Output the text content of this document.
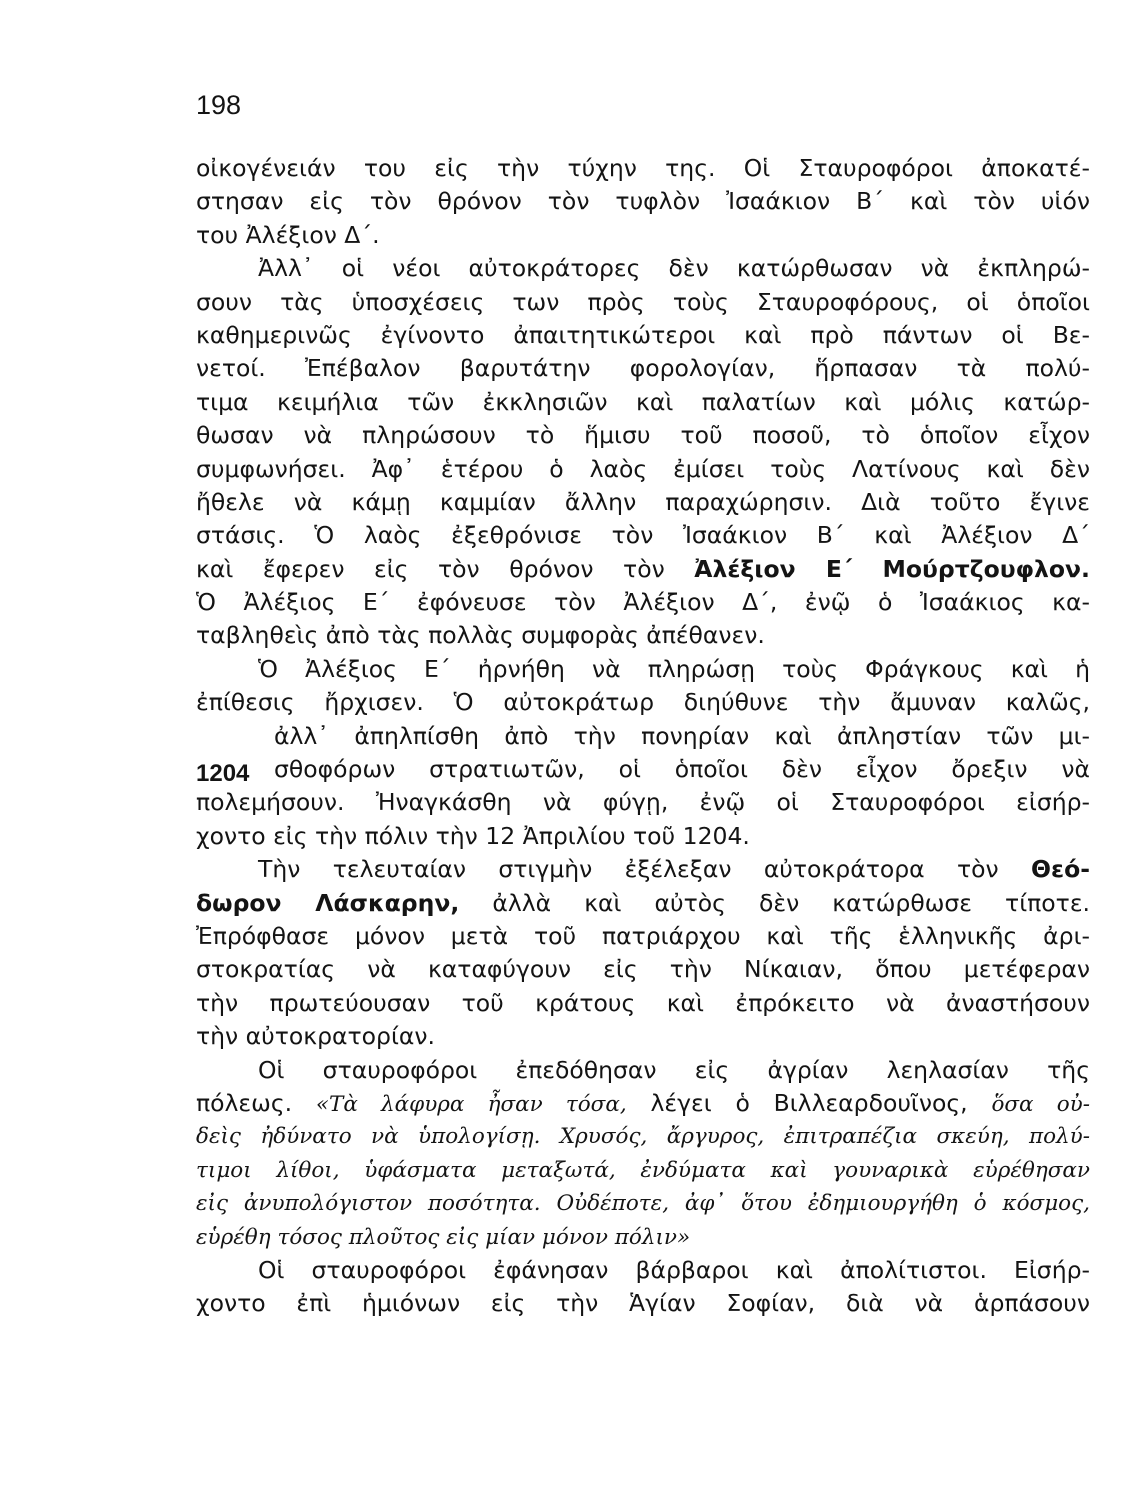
198
1204
οἰκογένειάν του εἰς τὴν τύχην της. Οἱ Σταυροφόροι ἀποκατέ-
στησαν εἰς τὸν θρόνον τὸν τυφλὸν Ἰσαάκιον Β΄ καὶ τὸν υἱόν
του Ἀλέξιον Δ΄.
Ἀλλ᾽ οἱ νέοι αὐτοκράτορες δὲν κατώρθωσαν νὰ ἐκπληρώ-
σουν τὰς ὑποσχέσεις των πρὸς τοὺς Σταυροφόρους, οἱ ὁποῖοι
καθημερινῶς ἐγίνοντο ἀπαιτητικώτεροι καὶ πρὸ πάντων οἱ Βε-
νετοί. Ἐπέβαλον βαρυτάτην φορολογίαν, ἥρπασαν τὰ πολύ-
τιμα κειμήλια τῶν ἐκκλησιῶν καὶ παλατίων καὶ μόλις κατώρ-
θωσαν νὰ πληρώσουν τὸ ἥμισυ τοῦ ποσοῦ, τὸ ὁποῖον εἶχον
συμφωνήσει. Ἀφ᾽ ἑτέρου ὁ λαὸς ἐμίσει τοὺς Λατίνους καὶ δὲν
ἤθελε νὰ κάμῃ καμμίαν ἄλλην παραχώρησιν. Διὰ τοῦτο ἔγινε
στάσις. Ὁ λαὸς ἐξεθρόνισε τὸν Ἰσαάκιον Β΄ καὶ Ἀλέξιον Δ΄
καὶ ἔφερεν εἰς τὸν θρόνον τὸν Ἀλέξιον Ε΄ Μούρτζουφλον.
Ὁ Ἀλέξιος Ε΄ ἐφόνευσε τὸν Ἀλέξιον Δ΄, ἐνῷ ὁ Ἰσαάκιος κα-
ταβληθεὶς ἀπὸ τὰς πολλὰς συμφορὰς ἀπέθανεν.
Ὁ Ἀλέξιος Ε΄ ἠρνήθη νὰ πληρώσῃ τοὺς Φράγκους καὶ ἡ
ἐπίθεσις ἤρχισεν. Ὁ αὐτοκράτωρ διηύθυνε τὴν ἄμυναν καλῶς,
ἀλλ᾽ ἀπηλπίσθη ἀπὸ τὴν πονηρίαν καὶ ἀπληστίαν τῶν μι-
σθοφόρων στρατιωτῶν, οἱ ὁποῖοι δὲν εἶχον ὄρεξιν νὰ
πολεμήσουν. Ἠναγκάσθη νὰ φύγῃ, ἐνῷ οἱ Σταυροφόροι εἰσήρ-
χοντο εἰς τὴν πόλιν τὴν 12 Ἀπριλίου τοῦ 1204.
Τὴν τελευταίαν στιγμὴν ἐξέλεξαν αὐτοκράτορα τὸν Θεό-
δωρον Λάσκαρην, ἀλλὰ καὶ αὐτὸς δὲν κατώρθωσε τίποτε.
Ἐπρόφθασε μόνον μετὰ τοῦ πατριάρχου καὶ τῆς ἑλληνικῆς ἀρι-
στοκρατίας νὰ καταφύγουν εἰς τὴν Νίκαιαν, ὅπου μετέφεραν
τὴν πρωτεύουσαν τοῦ κράτους καὶ ἐπρόκειτο νὰ ἀναστήσουν
τὴν αὐτοκρατορίαν.
Οἱ σταυροφόροι ἐπεδόθησαν εἰς ἀγρίαν λεηλασίαν τῆς
πόλεως. «Τὰ λάφυρα ἦσαν τόσα, λέγει ὁ Βιλλεαρδουῖνος, ὅσα οὐ-
δεὶς ἠδύνατο νὰ ὑπολογίσῃ. Χρυσός, ἄργυρος, ἐπιτραπέζια σκεύη, πολύ-
τιμοι λίθοι, ὑφάσματα μεταξωτά, ἐνδύματα καὶ γουναρικὰ εὑρέθησαν
εἰς ἀνυπολόγιστον ποσότητα. Οὐδέποτε, ἀφ᾽ ὅτου ἐδημιουργήθη ὁ κόσμος,
εὑρέθη τόσος πλοῦτος εἰς μίαν μόνον πόλιν»
Οἱ σταυροφόροι ἐφάνησαν βάρβαροι καὶ ἀπολίτιστοι. Εἰσήρ-
χοντο ἐπὶ ἡμιόνων εἰς τὴν Ἁγίαν Σοφίαν, διὰ νὰ ἁρπάσουν
